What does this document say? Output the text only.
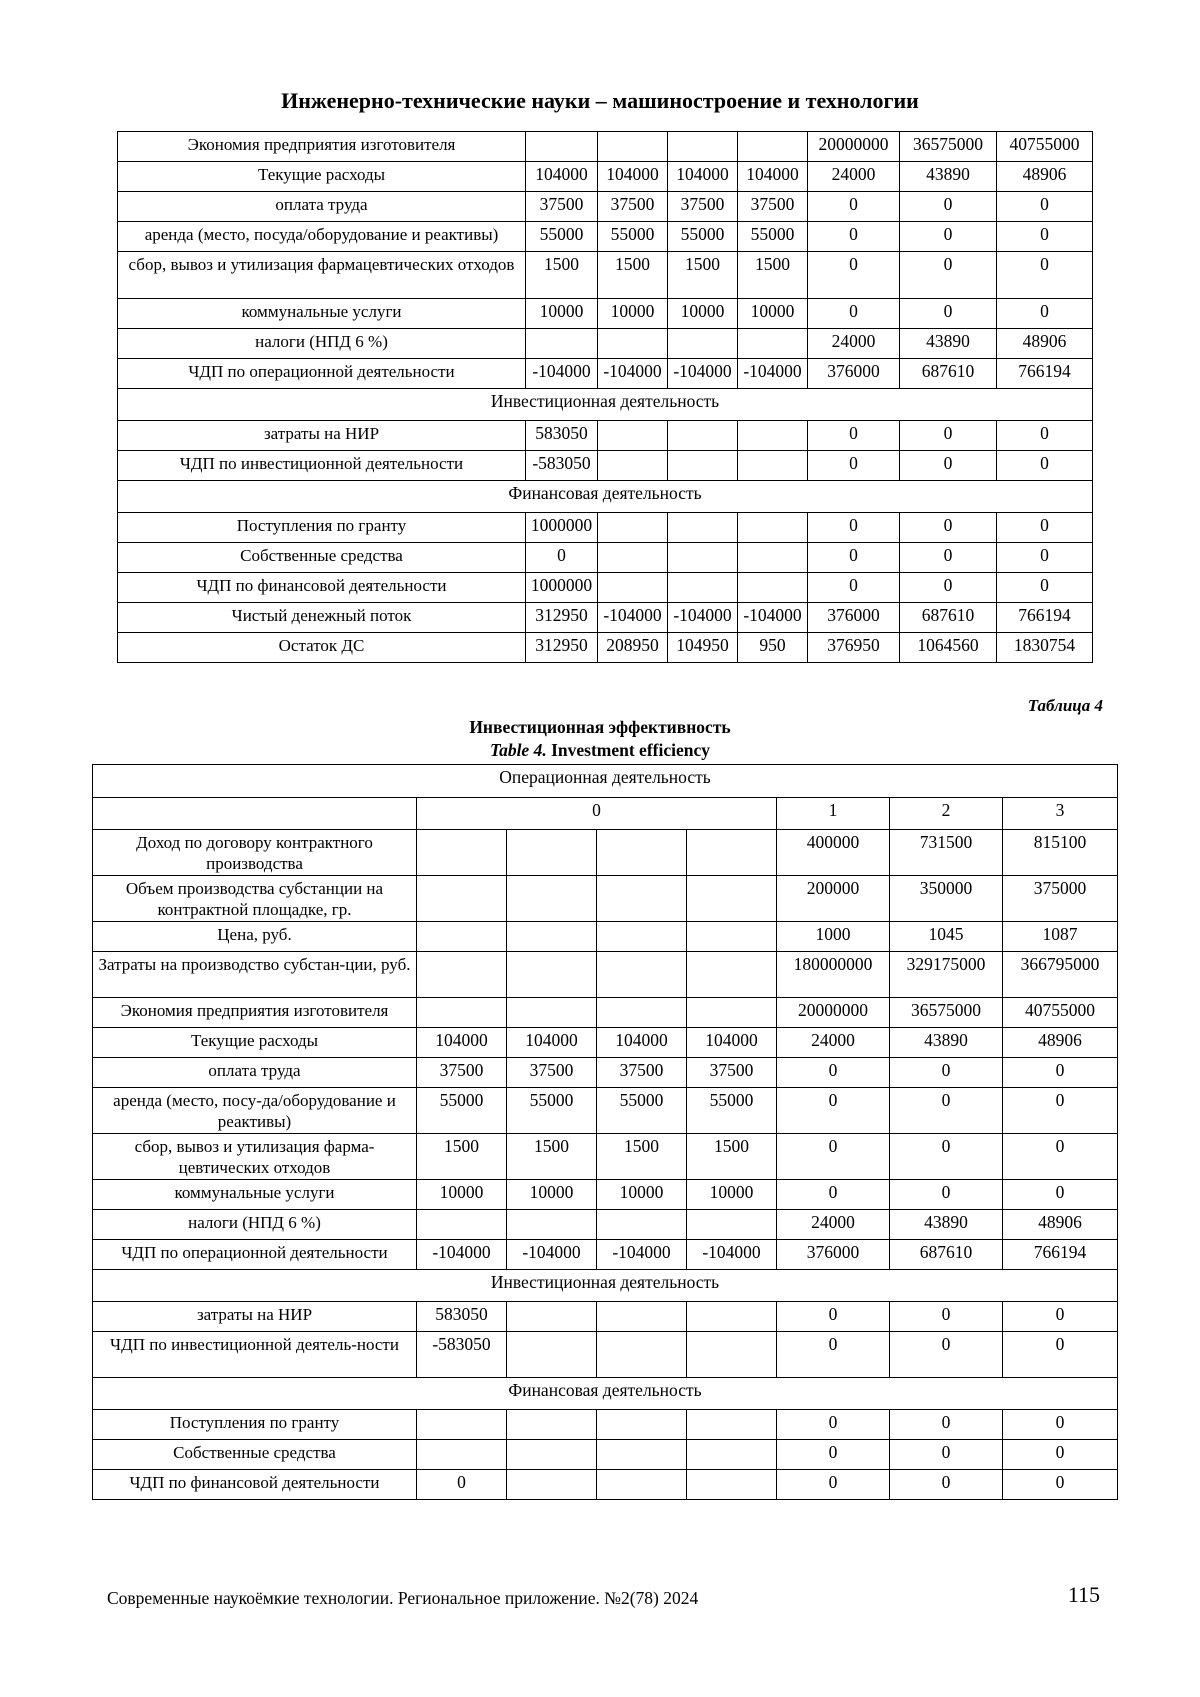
Инженерно-технические науки – машиностроение и технологии
Экономия предприятия изготовителя					20000000	36575000	40755000
Текущие расходы	104000	104000	104000	104000	24000	43890	48906
оплата труда	37500	37500	37500	37500	0	0	0
аренда (место, посуда/оборудование и реактивы)	55000	55000	55000	55000	0	0	0
сбор, вывоз и утилизация фармацевтических отходов	1500	1500	1500	1500	0	0	0
коммунальные услуги	10000	10000	10000	10000	0	0	0
налоги (НПД 6 %)					24000	43890	48906
ЧДП по операционной деятельности	-104000	-104000	-104000	-104000	376000	687610	766194
Инвестиционная деятельность							
затраты на НИР	583050				0	0	0
ЧДП по инвестиционной деятельности	-583050				0	0	0
Финансовая деятельность							
Поступления по гранту	1000000				0	0	0
Собственные средства	0				0	0	0
ЧДП по финансовой деятельности	1000000				0	0	0
Чистый денежный поток	312950	-104000	-104000	-104000	376000	687610	766194
Остаток ДС	312950	208950	104950	950	376950	1064560	1830754
Таблица 4
Инвестиционная эффективность
Table 4. Investment efficiency
Операционная деятельность							
	0				1	2	3
Доход по договору контрактного производства					400000	731500	815100
Объем производства субстанции на контрактной площадке, гр.					200000	350000	375000
Цена, руб.					1000	1045	1087
Затраты на производство субстан-ции, руб.					180000000	329175000	366795000
Экономия предприятия изготовителя					20000000	36575000	40755000
Текущие расходы	104000	104000	104000	104000	24000	43890	48906
оплата труда	37500	37500	37500	37500	0	0	0
аренда (место, посу-да/оборудование и реактивы)	55000	55000	55000	55000	0	0	0
сбор, вывоз и утилизация фарма-цевтических отходов	1500	1500	1500	1500	0	0	0
коммунальные услуги	10000	10000	10000	10000	0	0	0
налоги (НПД 6 %)					24000	43890	48906
ЧДП по операционной деятельности	-104000	-104000	-104000	-104000	376000	687610	766194
Инвестиционная деятельность							
затраты на НИР	583050				0	0	0
ЧДП по инвестиционной деятель-ности	-583050				0	0	0
Финансовая деятельность							
Поступления по гранту					0	0	0
Собственные средства					0	0	0
ЧДП по финансовой деятельности	0				0	0	0
Современные наукоёмкие технологии. Региональное приложение. №2(78) 2024	115
